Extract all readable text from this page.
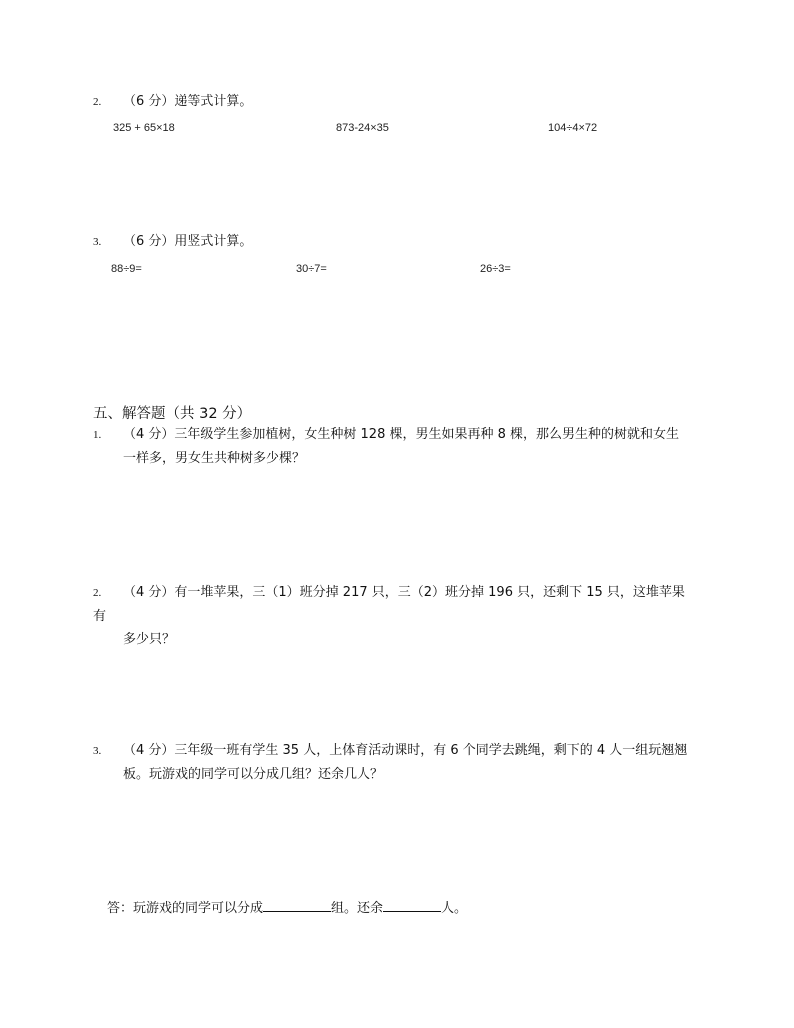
2. （6 分）递等式计算。
325 + 65×18	873-24×35	104÷4×72
3. （6 分）用竖式计算。
88÷9=	30÷7=	26÷3=
五、解答题（共 32 分）
1. （4 分）三年级学生参加植树，女生种树 128 棵，男生如果再种 8 棵，那么男生种的树就和女生
一样多，男女生共种树多少棵？
2. （4 分）有一堆苹果，三（1）班分掉 217 只，三（2）班分掉 196 只，还剩下 15 只，这堆苹果有
多少只？
3. （4 分）三年级一班有学生 35 人，上体育活动课时，有 6 个同学去跳绳，剩下的 4 人一组玩翘翘
板。玩游戏的同学可以分成几组？还余几人？
答：玩游戏的同学可以分成	组。还余	人。
